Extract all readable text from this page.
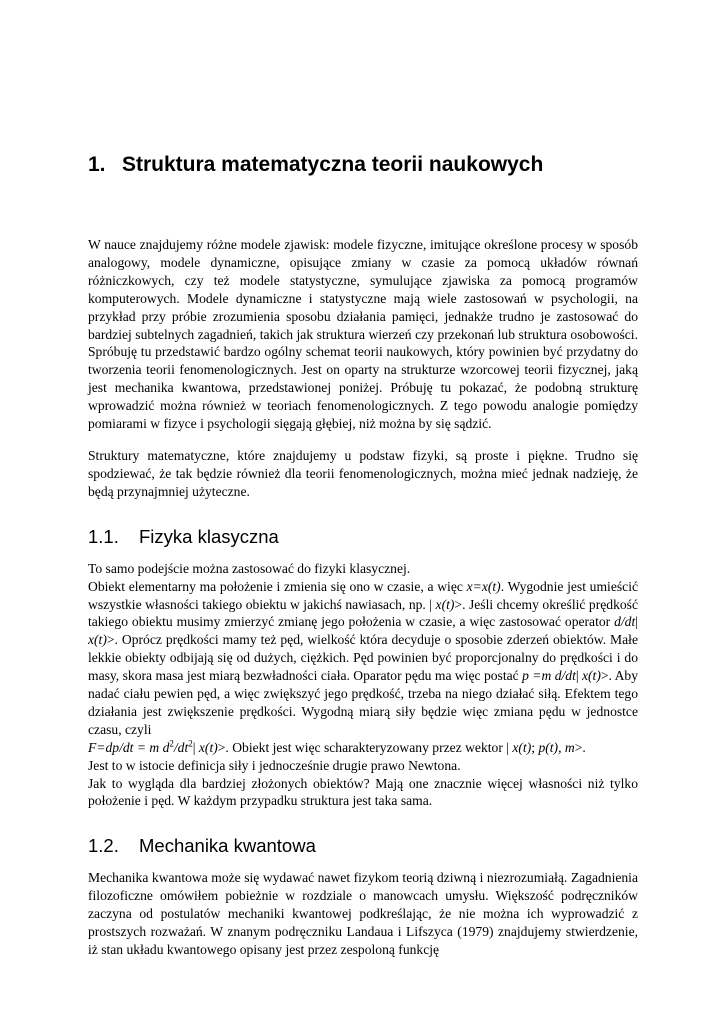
1. Struktura matematyczna teorii naukowych

W nauce znajdujemy różne modele zjawisk: modele fizyczne, imitujące określone procesy w sposób analogowy, modele dynamiczne, opisujące zmiany w czasie za pomocą układów równań różniczkowych, czy też modele statystyczne, symulujące zjawiska za pomocą programów komputerowych. Modele dynamiczne i statystyczne mają wiele zastosowań w psychologii, na przykład przy próbie zrozumienia sposobu działania pamięci, jednakże trudno je zastosować do bardziej subtelnych zagadnień, takich jak struktura wierzeń czy przekonań lub struktura osobowości. Spróbuję tu przedstawić bardzo ogólny schemat teorii naukowych, który powinien być przydatny do tworzenia teorii fenomenologicznych. Jest on oparty na strukturze wzorcowej teorii fizycznej, jaką jest mechanika kwantowa, przedstawionej poniżej. Próbuję tu pokazać, że podobną strukturę wprowadzić można również w teoriach fenomenologicznych. Z tego powodu analogie pomiędzy pomiarami w fizyce i psychologii sięgają głębiej, niż można by się sądzić.

Struktury matematyczne, które znajdujemy u podstaw fizyki, są proste i piękne. Trudno się spodziewać, że tak będzie również dla teorii fenomenologicznych, można mieć jednak nadzieję, że będą przynajmniej użyteczne.

1.1. Fizyka klasyczna
To samo podejście można zastosować do fizyki klasycznej.
Obiekt elementarny ma położenie i zmienia się ono w czasie, a więc x=x(t). Wygodnie jest umieścić wszystkie własności takiego obiektu w jakichś nawiasach, np. | x(t)>. Jeśli chcemy określić prędkość takiego obiektu musimy zmierzyć zmianę jego położenia w czasie, a więc zastosować operator d/dt| x(t)>. Oprócz prędkości mamy też pęd, wielkość która decyduje o sposobie zderzeń obiektów. Małe lekkie obiekty odbijają się od dużych, ciężkich. Pęd powinien być proporcjonalny do prędkości i do masy, skora masa jest miarą bezwładności ciała. Oparator pędu ma więc postać p =m d/dt| x(t)>. Aby nadać ciału pewien pęd, a więc zwiększyć jego prędkość, trzeba na niego działać siłą. Efektem tego działania jest zwiększenie prędkości. Wygodną miarą siły będzie więc zmiana pędu w jednostce czasu, czyli
F=dp/dt = m $d^2/dt^2|$ x(t)>. Obiekt jest więc scharakteryzowany przez wektor | x(t); p(t), m>.
Jest to w istocie definicja siły i jednocześnie drugie prawo Newtona.
Jak to wygląda dla bardziej złożonych obiektów? Mają one znacznie więcej własności niż tylko położenie i pęd. W każdym przypadku struktura jest taka sama.
1.2. Mechanika kwantowa

Mechanika kwantowa może się wydawać nawet fizykom teorią dziwną i niezrozumiałą. Zagadnienia filozoficzne omówiłem pobieżnie w rozdziale o manowcach umysłu. Większość podręczników zaczyna od postulatów mechaniki kwantowej podkreślając, że nie można ich wyprowadzić z prostszych rozważań. W znanym podręczniku Landaua i Lifszyca (1979) znajdujemy stwierdzenie, iż stan układu kwantowego opisany jest przez zespoloną funkcję
